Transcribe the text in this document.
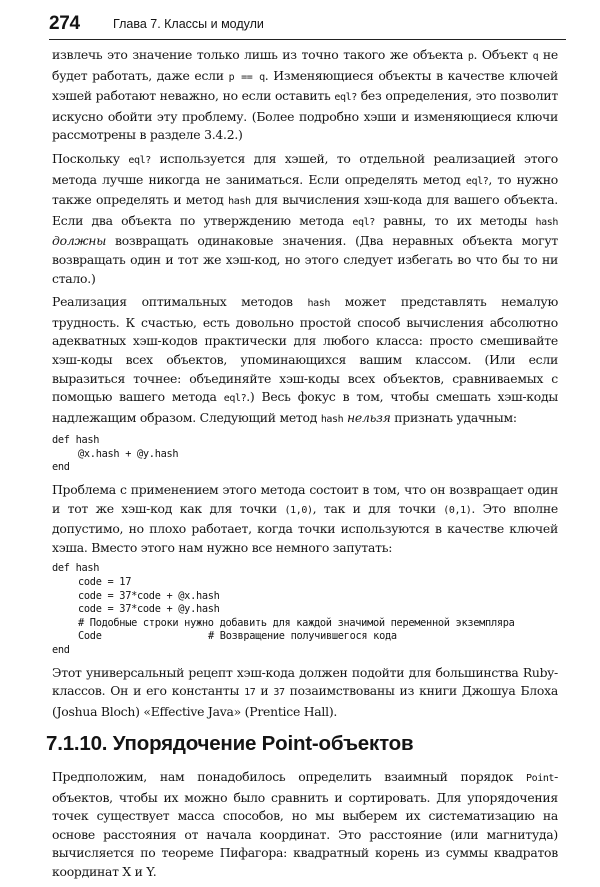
274	Глава 7. Классы и модули

извлечь это значение только лишь из точно такого же объекта p. Объект q не будет работать, даже если p == q. Изменяющиеся объекты в качестве ключей хэшей работают неважно, но если оставить eql? без определения, это позволит искусно обойти эту проблему. (Более подробно хэши и изменяющиеся ключи рассмотрены в разделе 3.4.2.)

Поскольку eql? используется для хэшей, то отдельной реализацией этого метода лучше никогда не заниматься. Если определять метод eql?, то нужно также определять и метод hash для вычисления хэш-кода для вашего объекта. Если два объекта по утверждению метода eql? равны, то их методы hash должны возвращать одинаковые значения. (Два неравных объекта могут возвращать один и тот же хэш-код, но этого следует избегать во что бы то ни стало.)

Реализация оптимальных методов hash может представлять немалую трудность. К счастью, есть довольно простой способ вычисления абсолютно адекватных хэш-кодов практически для любого класса: просто смешивайте хэш-коды всех объектов, упоминающихся вашим классом. (Или если выразиться точнее: объединяйте хэш-коды всех объектов, сравниваемых с помощью вашего метода eql?.) Весь фокус в том, чтобы смешать хэш-коды надлежащим образом. Следующий метод hash нельзя признать удачным:

def hash
@x.hash + @y.hash
end

Проблема с применением этого метода состоит в том, что он возвращает один и тот же хэш-код как для точки (1,0), так и для точки (0,1). Это вполне допустимо, но плохо работает, когда точки используются в качестве ключей хэша. Вместо этого нам нужно все немного запутать:

def hash
code = 17
code = 37*code + @x.hash
code = 37*code + @y.hash
# Подобные строки нужно добавить для каждой значимой переменной экземпляра
Code	# Возвращение получившегося кода
end

Этот универсальный рецепт хэш-кода должен подойти для большинства Ruby-классов. Он и его константы 17 и 37 позаимствованы из книги Джошуа Блоха (Joshua Bloch) «Effective Java» (Prentice Hall).

7.1.10. Упорядочение Point-объектов

Предположим, нам понадобилось определить взаимный порядок Point-объектов, чтобы их можно было сравнить и сортировать. Для упорядочения точек существует масса способов, но мы выберем их систематизацию на основе расстояния от начала координат. Это расстояние (или магнитуда) вычисляется по теореме Пифагора: квадратный корень из суммы квадратов координат X и Y.
